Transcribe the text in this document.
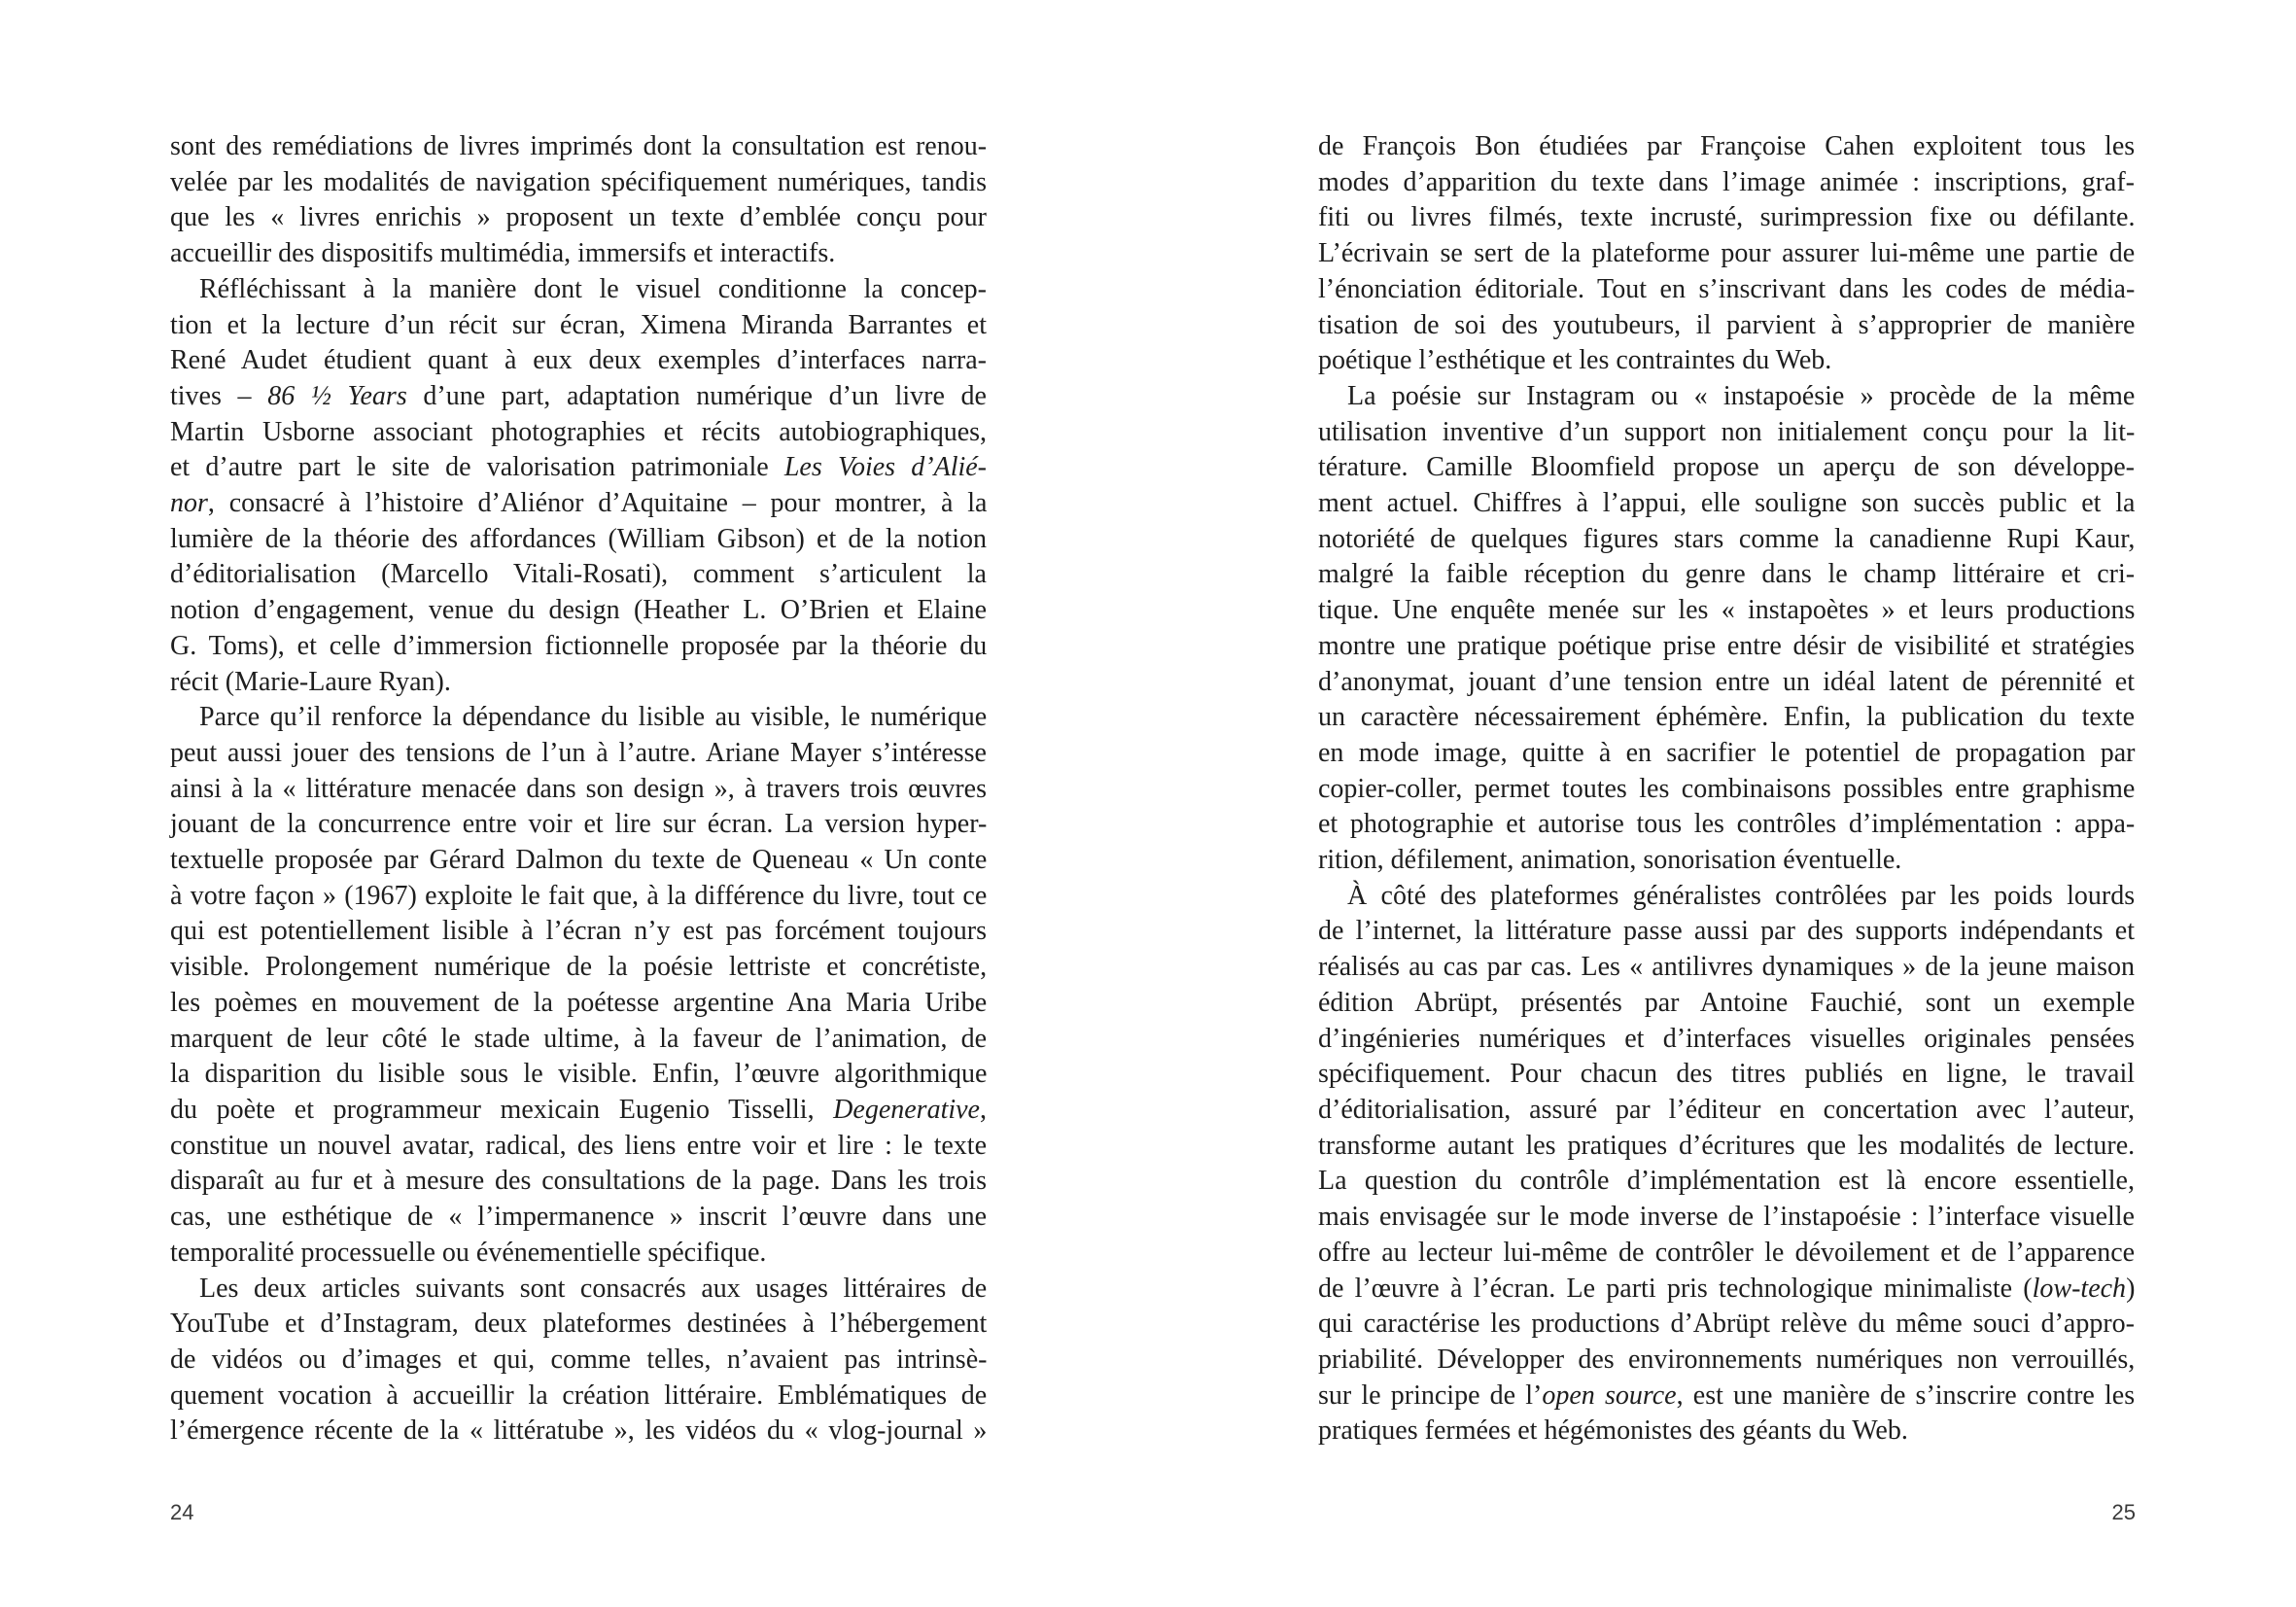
sont des remédiations de livres imprimés dont la consultation est renou-
velée par les modalités de navigation spécifiquement numériques, tandis
que les « livres enrichis » proposent un texte d’emblée conçu pour
accueillir des dispositifs multimédia, immersifs et interactifs.
Réfléchissant à la manière dont le visuel conditionne la concep-
tion et la lecture d’un récit sur écran, Ximena Miranda Barrantes et
René Audet étudient quant à eux deux exemples d’interfaces narra-
tives – 86 ½ Years d’une part, adaptation numérique d’un livre de
Martin Usborne associant photographies et récits autobiographiques,
et d’autre part le site de valorisation patrimoniale Les Voies d’Alié-
nor, consacré à l’histoire d’Aliénor d’Aquitaine – pour montrer, à la
lumière de la théorie des affordances (William Gibson) et de la notion
d’éditorialisation (Marcello Vitali-Rosati), comment s’articulent la
notion d’engagement, venue du design (Heather L. O’Brien et Elaine
G. Toms), et celle d’immersion fictionnelle proposée par la théorie du
récit (Marie-Laure Ryan).
Parce qu’il renforce la dépendance du lisible au visible, le numérique
peut aussi jouer des tensions de l’un à l’autre. Ariane Mayer s’intéresse
ainsi à la « littérature menacée dans son design », à travers trois œuvres
jouant de la concurrence entre voir et lire sur écran. La version hyper-
textuelle proposée par Gérard Dalmon du texte de Queneau « Un conte
à votre façon » (1967) exploite le fait que, à la différence du livre, tout ce
qui est potentiellement lisible à l’écran n’y est pas forcément toujours
visible. Prolongement numérique de la poésie lettriste et concrétiste,
les poèmes en mouvement de la poétesse argentine Ana Maria Uribe
marquent de leur côté le stade ultime, à la faveur de l’animation, de
la disparition du lisible sous le visible. Enfin, l’œuvre algorithmique
du poète et programmeur mexicain Eugenio Tisselli, Degenerative,
constitue un nouvel avatar, radical, des liens entre voir et lire : le texte
disparaît au fur et à mesure des consultations de la page. Dans les trois
cas, une esthétique de « l’impermanence » inscrit l’œuvre dans une
temporalité processuelle ou événementielle spécifique.
Les deux articles suivants sont consacrés aux usages littéraires de
YouTube et d’Instagram, deux plateformes destinées à l’hébergement
de vidéos ou d’images et qui, comme telles, n’avaient pas intrinsè-
quement vocation à accueillir la création littéraire. Emblématiques de
l’émergence récente de la « littératube », les vidéos du « vlog-journal »
24
de François Bon étudiées par Françoise Cahen exploitent tous les
modes d’apparition du texte dans l’image animée : inscriptions, graf-
fiti ou livres filmés, texte incrusté, surimpression fixe ou défilante.
L’écrivain se sert de la plateforme pour assurer lui-même une partie de
l’énonciation éditoriale. Tout en s’inscrivant dans les codes de média-
tisation de soi des youtubeurs, il parvient à s’approprier de manière
poétique l’esthétique et les contraintes du Web.
La poésie sur Instagram ou « instapoésie » procède de la même
utilisation inventive d’un support non initialement conçu pour la lit-
térature. Camille Bloomfield propose un aperçu de son développe-
ment actuel. Chiffres à l’appui, elle souligne son succès public et la
notoriété de quelques figures stars comme la canadienne Rupi Kaur,
malgré la faible réception du genre dans le champ littéraire et cri-
tique. Une enquête menée sur les « instapoètes » et leurs productions
montre une pratique poétique prise entre désir de visibilité et stratégies
d’anonymat, jouant d’une tension entre un idéal latent de pérennité et
un caractère nécessairement éphémère. Enfin, la publication du texte
en mode image, quitte à en sacrifier le potentiel de propagation par
copier-coller, permet toutes les combinaisons possibles entre graphisme
et photographie et autorise tous les contrôles d’implémentation : appa-
rition, défilement, animation, sonorisation éventuelle.
À côté des plateformes généralistes contrôlées par les poids lourds
de l’internet, la littérature passe aussi par des supports indépendants et
réalisés au cas par cas. Les « antilivres dynamiques » de la jeune maison
édition Abrüpt, présentés par Antoine Fauchié, sont un exemple
d’ingénieries numériques et d’interfaces visuelles originales pensées
spécifiquement. Pour chacun des titres publiés en ligne, le travail
d’éditorialisation, assuré par l’éditeur en concertation avec l’auteur,
transforme autant les pratiques d’écritures que les modalités de lecture.
La question du contrôle d’implémentation est là encore essentielle,
mais envisagée sur le mode inverse de l’instapoésie : l’interface visuelle
offre au lecteur lui-même de contrôler le dévoilement et de l’apparence
de l’œuvre à l’écran. Le parti pris technologique minimaliste (low-tech)
qui caractérise les productions d’Abrüpt relève du même souci d’appro-
priabilité. Développer des environnements numériques non verrouillés,
sur le principe de l’open source, est une manière de s’inscrire contre les
pratiques fermées et hégémonistes des géants du Web.
25
